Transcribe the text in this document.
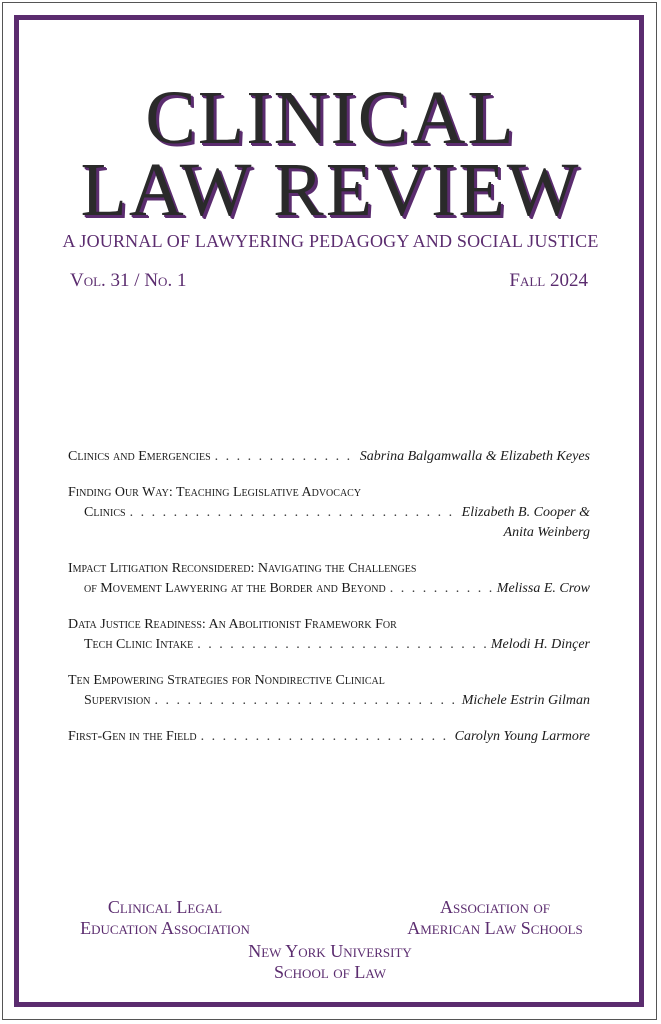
CLINICAL
LAW REVIEW
A JOURNAL OF LAWYERING PEDAGOGY AND SOCIAL JUSTICE
Vol. 31 / No. 1	Fall 2024
Clinics and Emergencies . . .	Sabrina Balgamwalla & Elizabeth Keyes
Finding Our Way: Teaching Legislative Advocacy
Clinics . . .	Elizabeth B. Cooper &
Anita Weinberg
Impact Litigation Reconsidered: Navigating the Challenges
of Movement Lawyering at the Border and Beyond . . .	Melissa E. Crow
Data Justice Readiness: An Abolitionist Framework For
Tech Clinic Intake . . .	Melodi H. Dinçer
Ten Empowering Strategies for Nondirective Clinical
Supervision . . .	Michele Estrin Gilman
First-Gen in the Field . . .	Carolyn Young Larmore
Clinical Legal
Education Association
Association of
American Law Schools
New York University
School of Law
